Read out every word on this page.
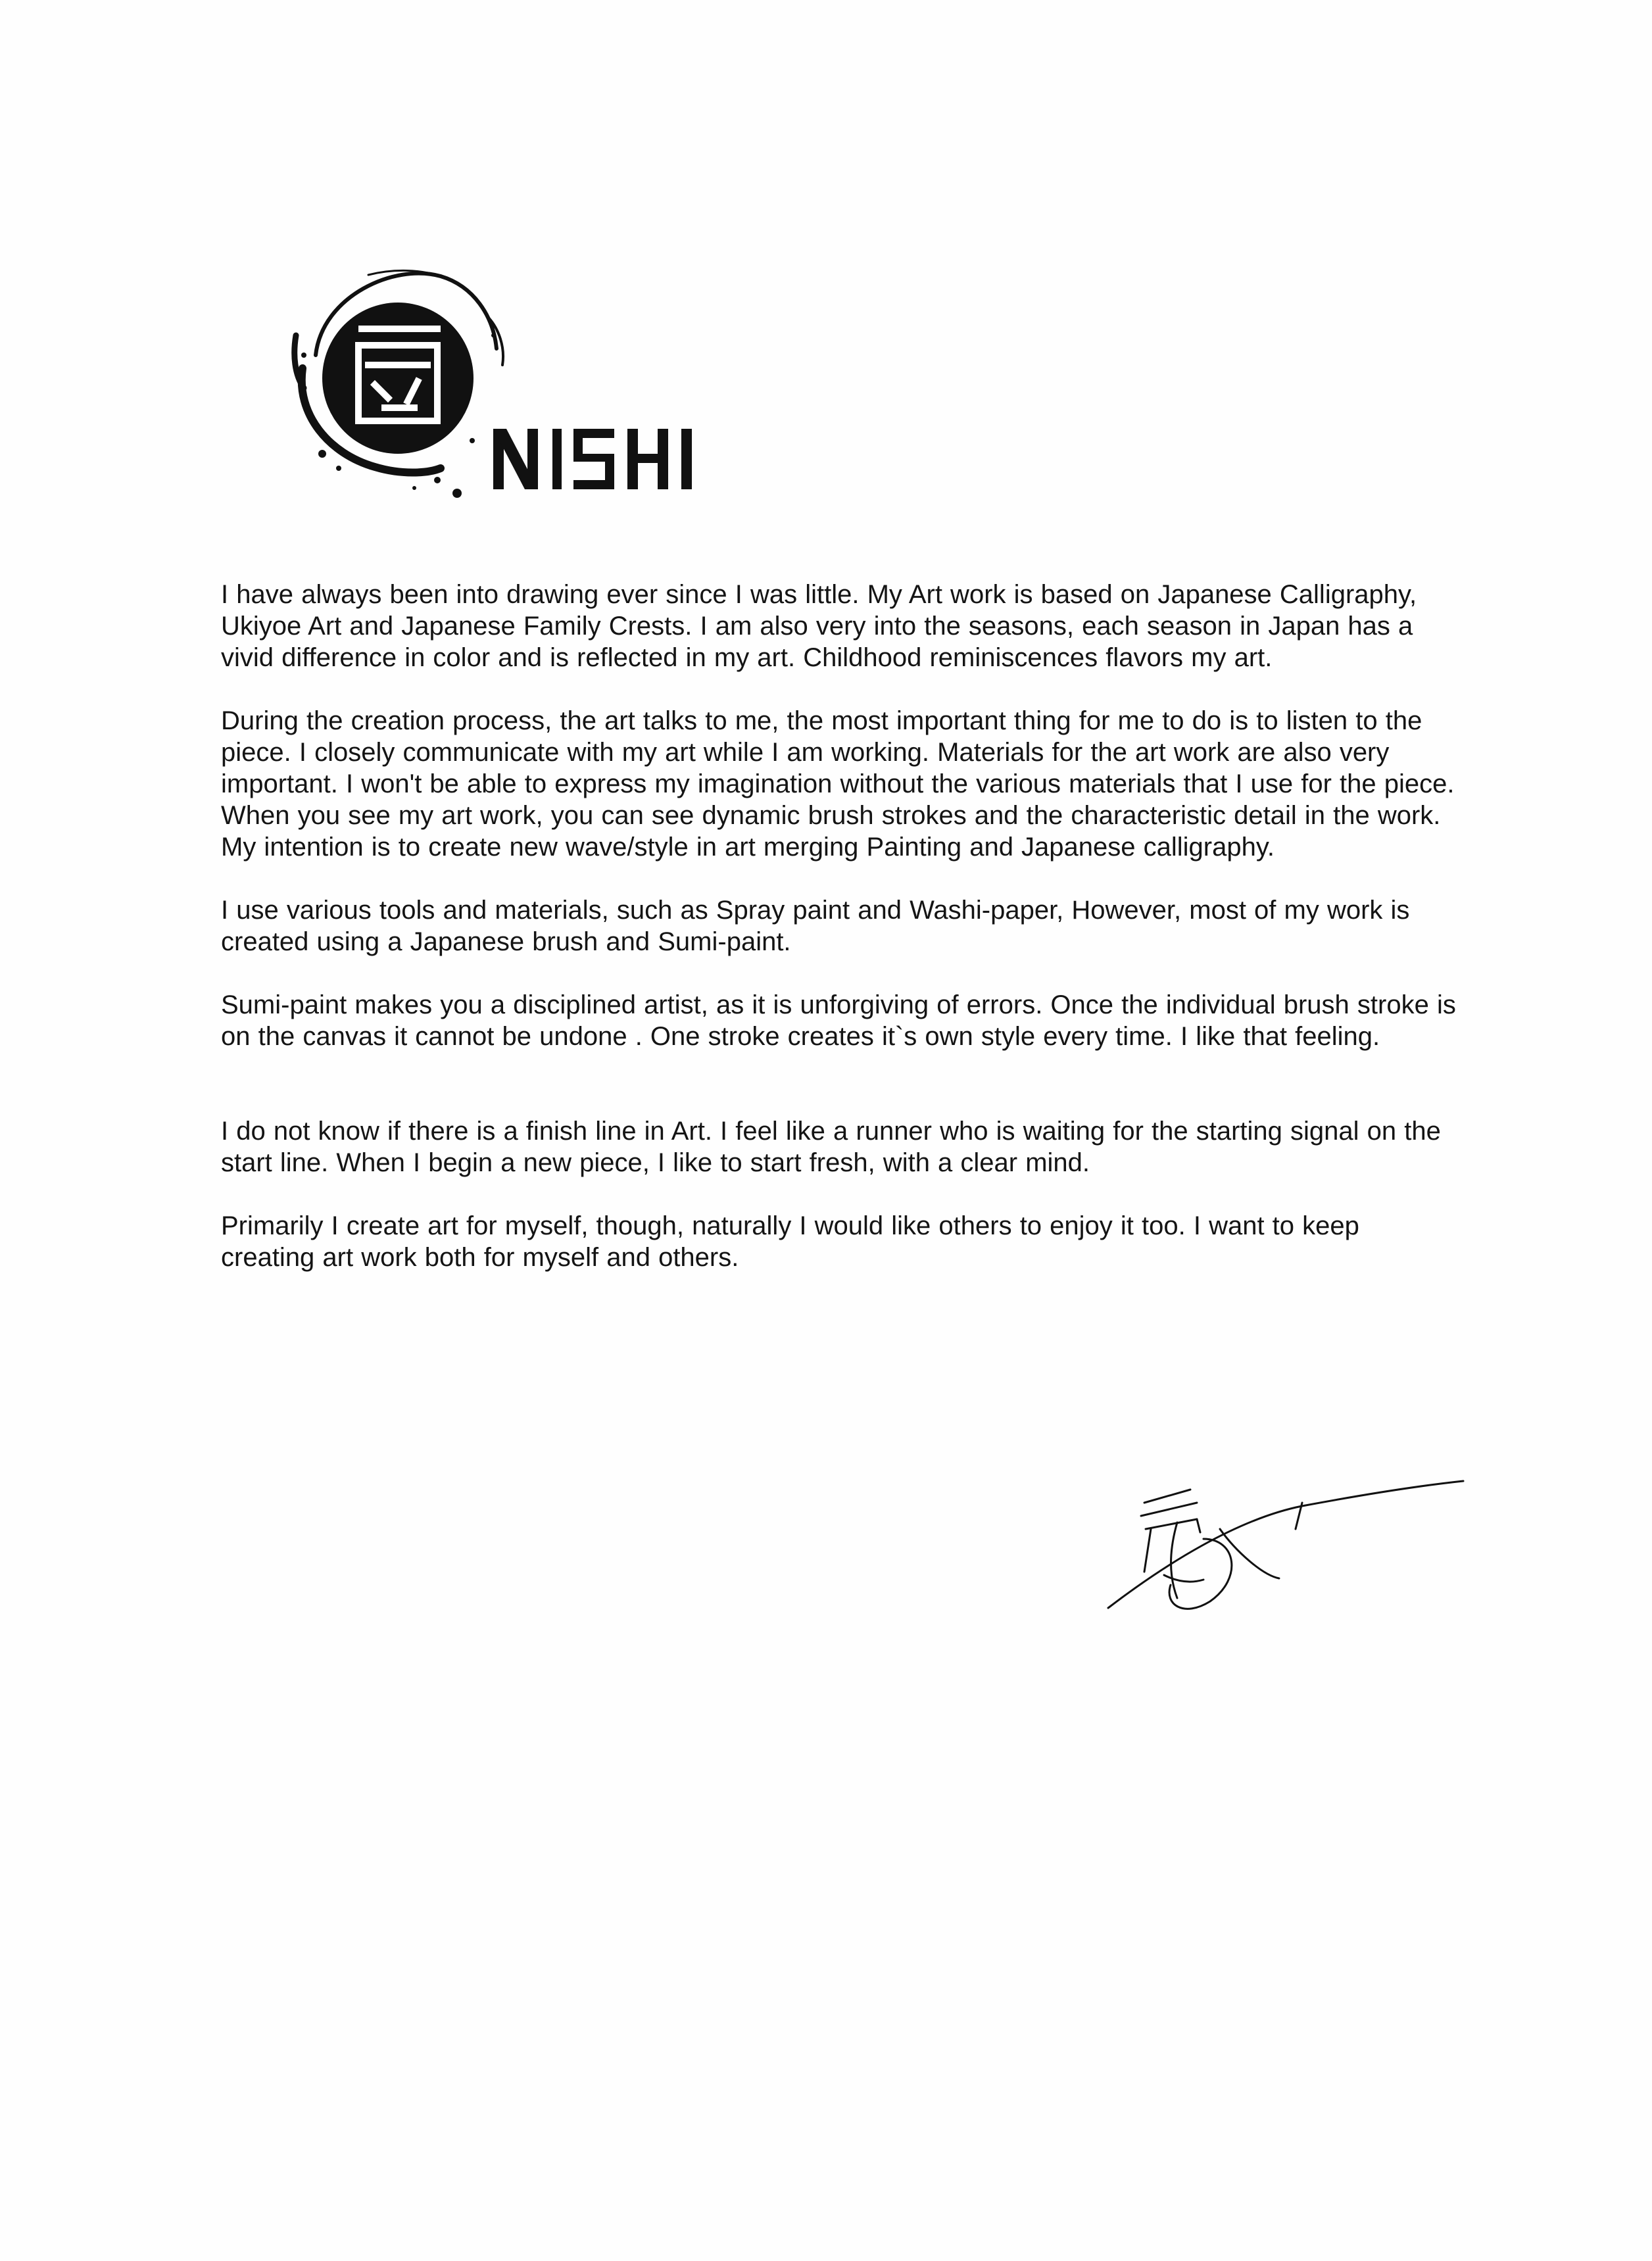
I have always been into drawing ever since I was little. My Art work is based on Japanese Calligraphy, Ukiyoe Art and Japanese Family Crests. I am also very into the seasons, each season in Japan has a vivid difference in color and is reflected in my art. Childhood reminiscences flavors my art.

During the creation process, the art talks to me, the most important thing for me to do is to listen to the piece. I closely communicate with my art while I am working. Materials for the art work are also very important. I won't be able to express my imagination without the various materials that I use for the piece. When you see my art work, you can see dynamic brush strokes and the characteristic detail in the work. My intention is to create new wave/style in art merging Painting and Japanese calligraphy.

I use various tools and materials, such as Spray paint and Washi-paper, However, most of my work is created using a Japanese brush and Sumi-paint.

Sumi-paint makes you a disciplined artist, as it is unforgiving of errors. Once the individual brush stroke is on the canvas it cannot be undone . One stroke creates it`s own style every time. I like that feeling.

I do not know if there is a finish line in Art. I feel like a runner who is waiting for the starting signal on the start line. When I begin a new piece, I like to start fresh, with a clear mind.

Primarily I create art for myself, though, naturally I would like others to enjoy it too. I want to keep creating art work both for myself and others.
